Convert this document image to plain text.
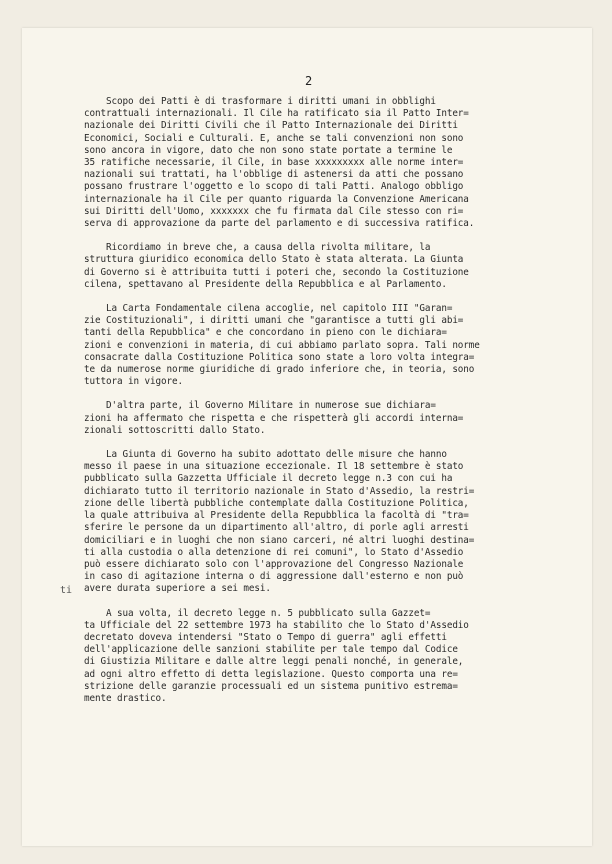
2
ti
Scopo dei Patti è di trasformare i diritti umani in obblighi
contrattuali internazionali. Il Cile ha ratificato sia il Patto Inter=
nazionale dei Diritti Civili che il Patto Internazionale dei Diritti
Economici, Sociali e Culturali. E, anche se tali convenzioni non sono
sono ancora in vigore, dato che non sono state portate a termine le
35 ratifiche necessarie, il Cile, in base xxxxxxxxx alle norme inter=
nazionali sui trattati, ha l'obblige di astenersi da atti che possano
possano frustrare l'oggetto e lo scopo di tali Patti. Analogo obbligo
internazionale ha il Cile per quanto riguarda la Convenzione Americana
sui Diritti dell'Uomo, xxxxxxx che fu firmata dal Cile stesso con ri=
serva di approvazione da parte del parlamento e di successiva ratifica.
Ricordiamo in breve che, a causa della rivolta militare, la
struttura giuridico economica dello Stato è stata alterata. La Giunta
di Governo si è attribuita tutti i poteri che, secondo la Costituzione
cilena, spettavano al Presidente della Repubblica e al Parlamento.
La Carta Fondamentale cilena accoglie, nel capitolo III "Garan=
zie Costituzionali", i diritti umani che "garantisce a tutti gli abi=
tanti della Repubblica" e che concordano in pieno con le dichiara=
zioni e convenzioni in materia, di cui abbiamo parlato sopra. Tali norme
consacrate dalla Costituzione Politica sono state a loro volta integra=
te da numerose norme giuridiche di grado inferiore che, in teoria, sono
tuttora in vigore.
D'altra parte, il Governo Militare in numerose sue dichiara=
zioni ha affermato che rispetta e che rispetterà gli accordi interna=
zionali sottoscritti dallo Stato.
La Giunta di Governo ha subito adottato delle misure che hanno
messo il paese in una situazione eccezionale. Il 18 settembre è stato
pubblicato sulla Gazzetta Ufficiale il decreto legge n.3 con cui ha
dichiarato tutto il territorio nazionale in Stato d'Assedio, la restri=
zione delle libertà pubbliche contemplate dalla Costituzione Politica,
la quale attribuiva al Presidente della Repubblica la facoltà di "tra=
sferire le persone da un dipartimento all'altro, di porle agli arresti
domiciliari e in luoghi che non siano carceri, né altri luoghi destina=
ti alla custodia o alla detenzione di rei comuni", lo Stato d'Assedio
può essere dichiarato solo con l'approvazione del Congresso Nazionale
in caso di agitazione interna o di aggressione dall'esterno e non può
avere durata superiore a sei mesi.
A sua volta, il decreto legge n. 5 pubblicato sulla Gazzet=
ta Ufficiale del 22 settembre 1973 ha stabilito che lo Stato d'Assedio
decretato doveva intendersi "Stato o Tempo di guerra" agli effetti
dell'applicazione delle sanzioni stabilite per tale tempo dal Codice
di Giustizia Militare e dalle altre leggi penali nonché, in generale,
ad ogni altro effetto di detta legislazione. Questo comporta una re=
strizione delle garanzie processuali ed un sistema punitivo estrema=
mente drastico.
